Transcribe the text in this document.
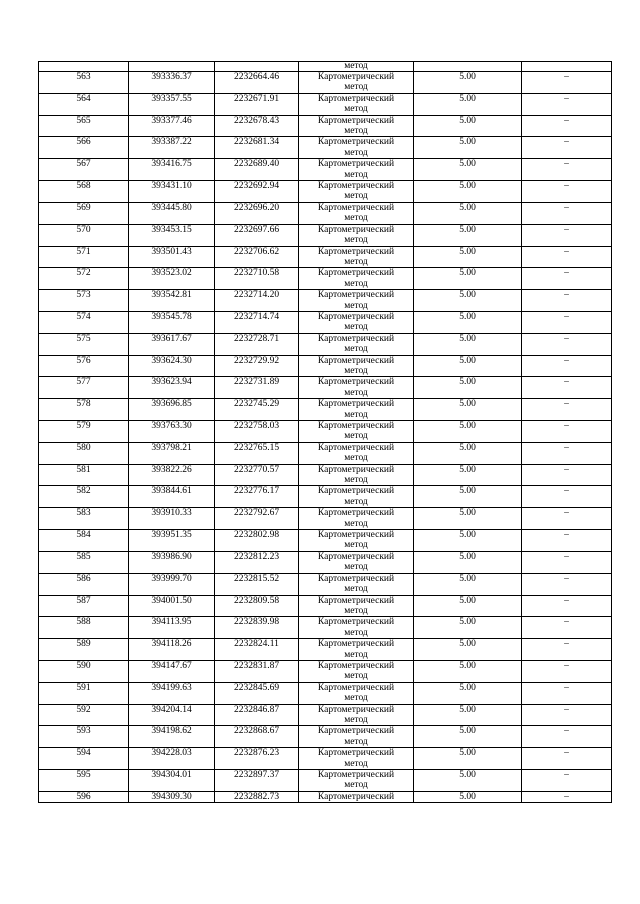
			метод		
563	393336.37	2232664.46	Картометрический
метод	5.00	–
564	393357.55	2232671.91	Картометрический
метод	5.00	–
565	393377.46	2232678.43	Картометрический
метод	5.00	–
566	393387.22	2232681.34	Картометрический
метод	5.00	–
567	393416.75	2232689.40	Картометрический
метод	5.00	–
568	393431.10	2232692.94	Картометрический
метод	5.00	–
569	393445.80	2232696.20	Картометрический
метод	5.00	–
570	393453.15	2232697.66	Картометрический
метод	5.00	–
571	393501.43	2232706.62	Картометрический
метод	5.00	–
572	393523.02	2232710.58	Картометрический
метод	5.00	–
573	393542.81	2232714.20	Картометрический
метод	5.00	–
574	393545.78	2232714.74	Картометрический
метод	5.00	–
575	393617.67	2232728.71	Картометрический
метод	5.00	–
576	393624.30	2232729.92	Картометрический
метод	5.00	–
577	393623.94	2232731.89	Картометрический
метод	5.00	–
578	393696.85	2232745.29	Картометрический
метод	5.00	–
579	393763.30	2232758.03	Картометрический
метод	5.00	–
580	393798.21	2232765.15	Картометрический
метод	5.00	–
581	393822.26	2232770.57	Картометрический
метод	5.00	–
582	393844.61	2232776.17	Картометрический
метод	5.00	–
583	393910.33	2232792.67	Картометрический
метод	5.00	–
584	393951.35	2232802.98	Картометрический
метод	5.00	–
585	393986.90	2232812.23	Картометрический
метод	5.00	–
586	393999.70	2232815.52	Картометрический
метод	5.00	–
587	394001.50	2232809.58	Картометрический
метод	5.00	–
588	394113.95	2232839.98	Картометрический
метод	5.00	–
589	394118.26	2232824.11	Картометрический
метод	5.00	–
590	394147.67	2232831.87	Картометрический
метод	5.00	–
591	394199.63	2232845.69	Картометрический
метод	5.00	–
592	394204.14	2232846.87	Картометрический
метод	5.00	–
593	394198.62	2232868.67	Картометрический
метод	5.00	–
594	394228.03	2232876.23	Картометрический
метод	5.00	–
595	394304.01	2232897.37	Картометрический
метод	5.00	–
596	394309.30	2232882.73	Картометрический	5.00	–
